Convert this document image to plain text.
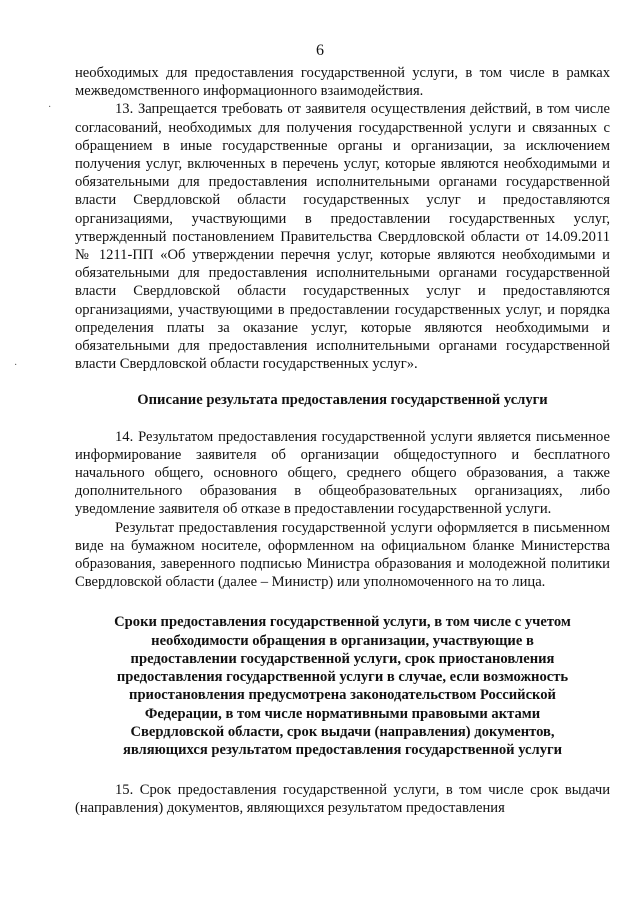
6
·
·

необходимых для предоставления государственной услуги, в том числе в рамках межведомственного информационного взаимодействия.

13. Запрещается требовать от заявителя осуществления действий, в том числе согласований, необходимых для получения государственной услуги и связанных с обращением в иные государственные органы и организации, за исключением получения услуг, включенных в перечень услуг, которые являются необходимыми и обязательными для предоставления исполнительными органами государственной власти Свердловской области государственных услуг и предоставляются организациями, участвующими в предоставлении государственных услуг, утвержденный постановлением Правительства Свердловской области от 14.09.2011 № 1211-ПП «Об утверждении перечня услуг, которые являются необходимыми и обязательными для предоставления исполнительными органами государственной власти Свердловской области государственных услуг и предоставляются организациями, участвующими в предоставлении государственных услуг, и порядка определения платы за оказание услуг, которые являются необходимыми и обязательными для предоставления исполнительными органами государственной власти Свердловской области государственных услуг».

Описание результата предоставления государственной услуги

14. Результатом предоставления государственной услуги является письменное информирование заявителя об организации общедоступного и бесплатного начального общего, основного общего, среднего общего образования, а также дополнительного образования в общеобразовательных организациях, либо уведомление заявителя об отказе в предоставлении государственной услуги.

Результат предоставления государственной услуги оформляется в письменном виде на бумажном носителе, оформленном на официальном бланке Министерства образования, заверенного подписью Министра образования и молодежной политики Свердловской области (далее – Министр) или уполномоченного на то лица.

Сроки предоставления государственной услуги, в том числе с учетом необходимости обращения в организации, участвующие в предоставлении государственной услуги, срок приостановления предоставления государственной услуги в случае, если возможность приостановления предусмотрена законодательством Российской Федерации, в том числе нормативными правовыми актами Свердловской области, срок выдачи (направления) документов, являющихся результатом предоставления государственной услуги

15. Срок предоставления государственной услуги, в том числе срок выдачи (направления) документов, являющихся результатом предоставления
